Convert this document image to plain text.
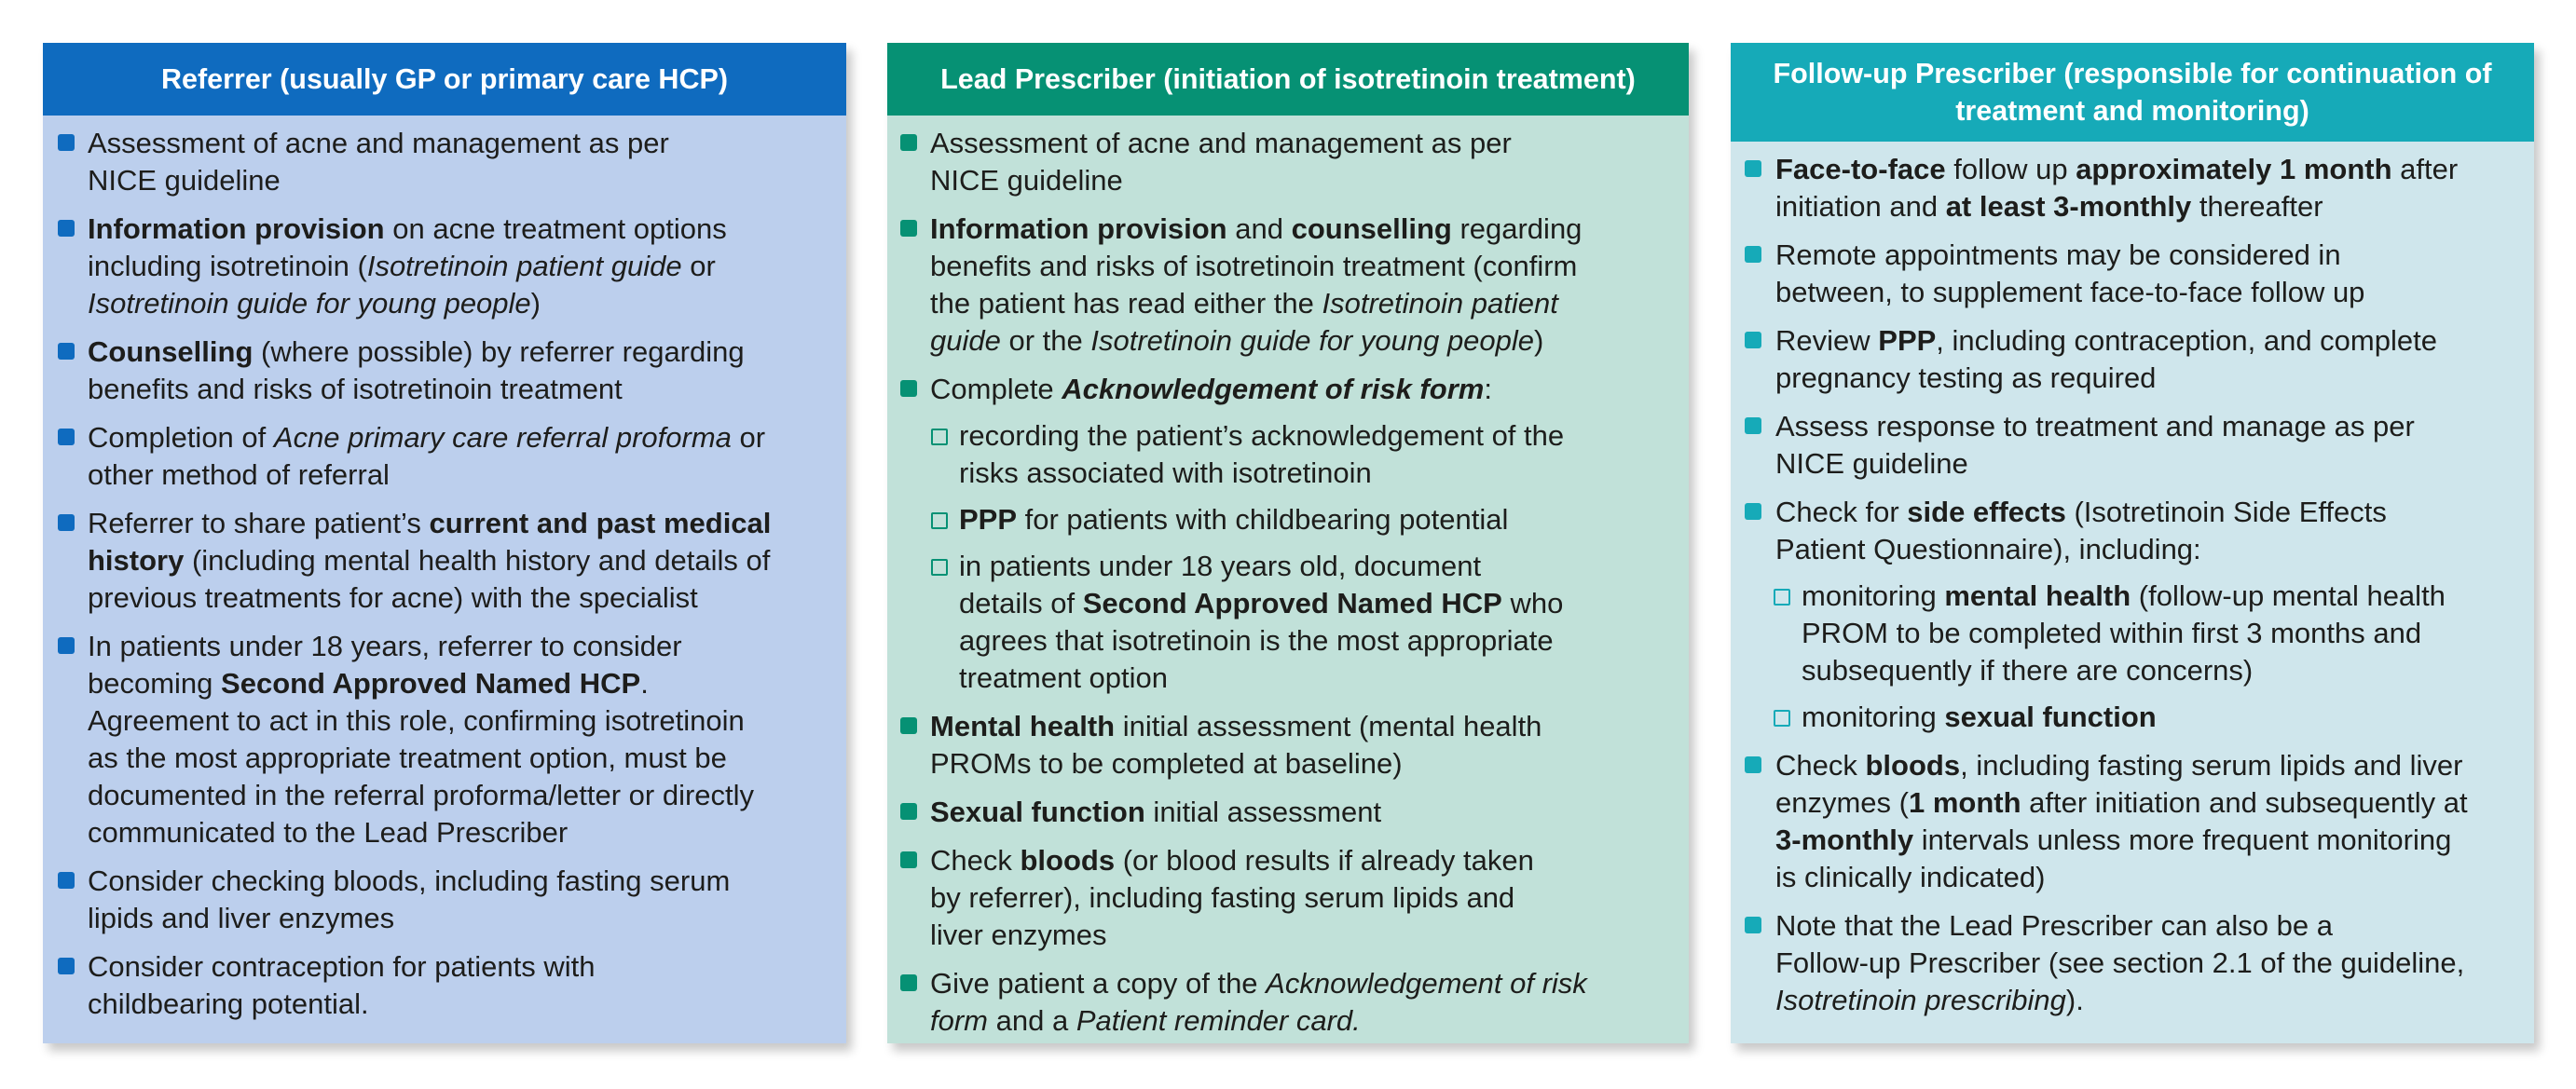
Referrer (usually GP or primary care HCP)
Assessment of acne and management as per
NICE guideline
Information provision on acne treatment options
including isotretinoin (Isotretinoin patient guide or
Isotretinoin guide for young people)
Counselling (where possible) by referrer regarding
benefits and risks of isotretinoin treatment
Completion of Acne primary care referral proforma or
other method of referral
Referrer to share patient’s current and past medical
history (including mental health history and details of
previous treatments for acne) with the specialist
In patients under 18 years, referrer to consider
becoming Second Approved Named HCP.
Agreement to act in this role, confirming isotretinoin
as the most appropriate treatment option, must be
documented in the referral proforma/letter or directly
communicated to the Lead Prescriber
Consider checking bloods, including fasting serum
lipids and liver enzymes
Consider contraception for patients with
childbearing potential.
Lead Prescriber (initiation of isotretinoin treatment)
Assessment of acne and management as per
NICE guideline
Information provision and counselling regarding
benefits and risks of isotretinoin treatment (confirm
the patient has read either the Isotretinoin patient
guide or the Isotretinoin guide for young people)
Complete Acknowledgement of risk form:
recording the patient’s acknowledgement of the
risks associated with isotretinoin
PPP for patients with childbearing potential
in patients under 18 years old, document
details of Second Approved Named HCP who
agrees that isotretinoin is the most appropriate
treatment option
Mental health initial assessment (mental health
PROMs to be completed at baseline)
Sexual function initial assessment
Check bloods (or blood results if already taken
by referrer), including fasting serum lipids and
liver enzymes
Give patient a copy of the Acknowledgement of risk
form and a Patient reminder card.
Follow-up Prescriber (responsible for continuation of treatment and monitoring)
Face-to-face follow up approximately 1 month after
initiation and at least 3-monthly thereafter
Remote appointments may be considered in
between, to supplement face-to-face follow up
Review PPP, including contraception, and complete
pregnancy testing as required
Assess response to treatment and manage as per
NICE guideline
Check for side effects (Isotretinoin Side Effects
Patient Questionnaire), including:
monitoring mental health (follow-up mental health
PROM to be completed within first 3 months and
subsequently if there are concerns)
monitoring sexual function
Check bloods, including fasting serum lipids and liver
enzymes (1 month after initiation and subsequently at
3-monthly intervals unless more frequent monitoring
is clinically indicated)
Note that the Lead Prescriber can also be a
Follow-up Prescriber (see section 2.1 of the guideline,
Isotretinoin prescribing).
